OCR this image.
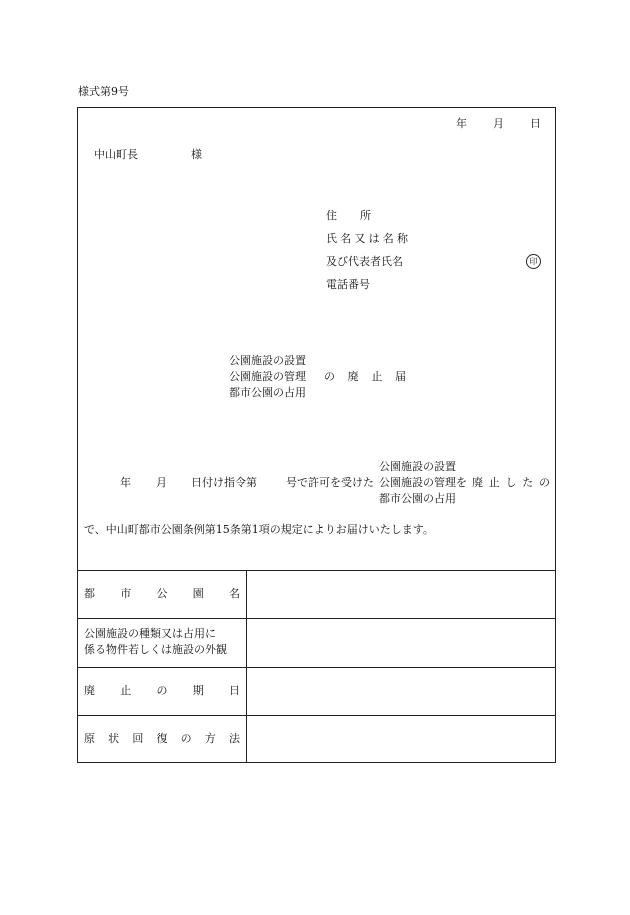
様式第9号
年 月 日
中山町長	様
住 所
氏 名 又 は 名 称
及び代表者氏名	印
電話番号
公園施設の設置
公園施設の管理
都市公園の占用
の 廃 止 届
公園施設の設置
年 月 日付け指令第	号で許可を受けた 公園施設の管理を 廃 止 し た の
都市公園の占用
で、中山町都市公園条例第15条第1項の規定によりお届けいたします。
都 市 公 園 名
公園施設の種類又は占用に
係る物件若しくは施設の外観
廃 止 の 期 日
原 状 回 復 の 方 法
